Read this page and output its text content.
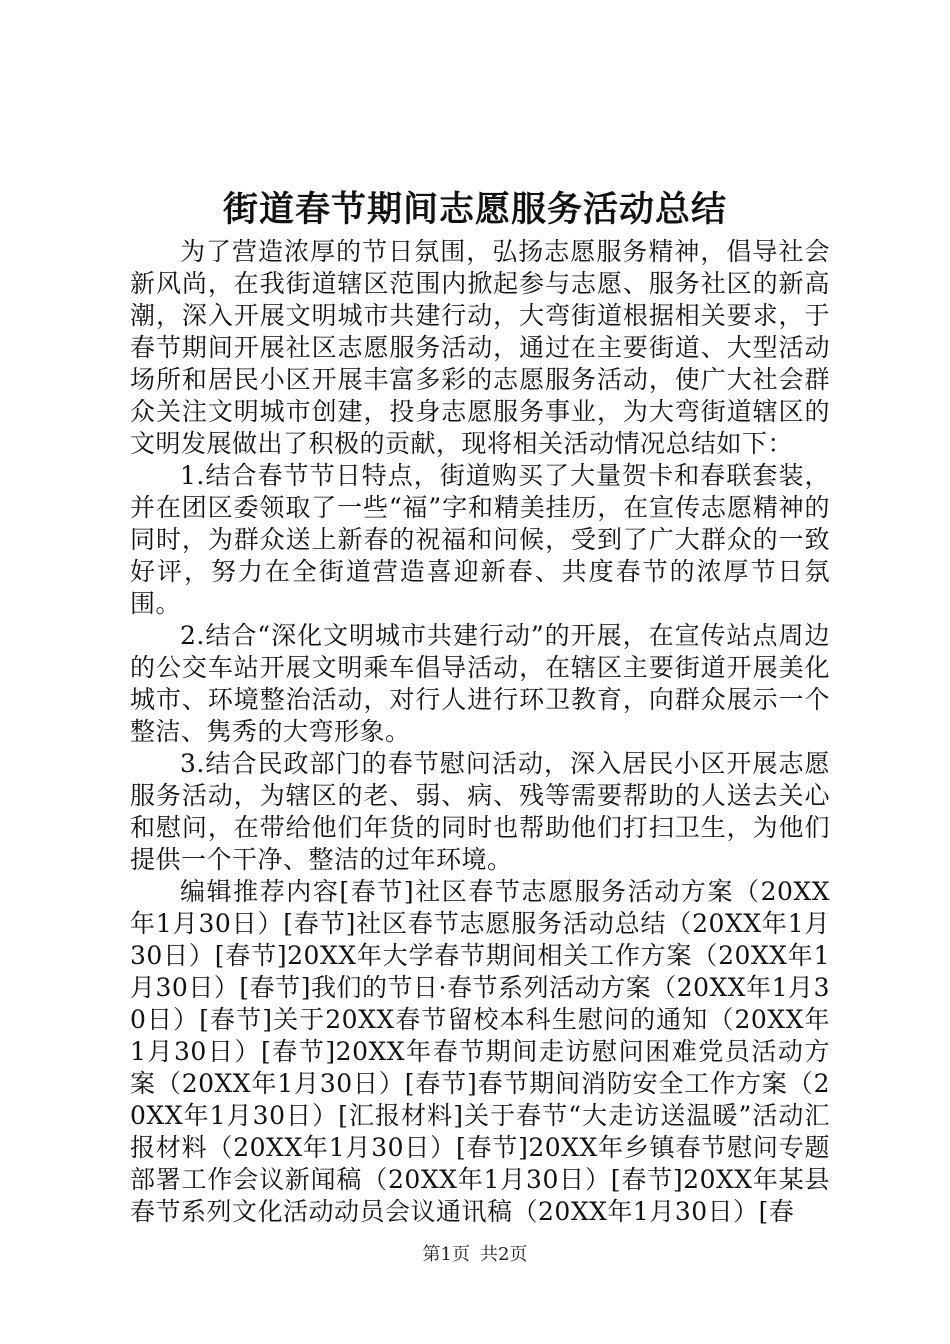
街道春节期间志愿服务活动总结

为了营造浓厚的节日氛围，弘扬志愿服务精神，倡导社会新风尚，在我街道辖区范围内掀起参与志愿、服务社区的新高潮，深入开展文明城市共建行动，大弯街道根据相关要求，于春节期间开展社区志愿服务活动，通过在主要街道、大型活动场所和居民小区开展丰富多彩的志愿服务活动，使广大社会群众关注文明城市创建，投身志愿服务事业，为大弯街道辖区的文明发展做出了积极的贡献，现将相关活动情况总结如下：

1.结合春节节日特点，街道购买了大量贺卡和春联套装，并在团区委领取了一些“福”字和精美挂历，在宣传志愿精神的同时，为群众送上新春的祝福和问候，受到了广大群众的一致好评，努力在全街道营造喜迎新春、共度春节的浓厚节日氛围。

2.结合“深化文明城市共建行动”的开展，在宣传站点周边的公交车站开展文明乘车倡导活动，在辖区主要街道开展美化城市、环境整治活动，对行人进行环卫教育，向群众展示一个整洁、隽秀的大弯形象。

3.结合民政部门的春节慰问活动，深入居民小区开展志愿服务活动，为辖区的老、弱、病、残等需要帮助的人送去关心和慰问，在带给他们年货的同时也帮助他们打扫卫生，为他们提供一个干净、整洁的过年环境。

编辑推荐内容[春节]社区春节志愿服务活动方案（20XX年1月30日）[春节]社区春节志愿服务活动总结（20XX年1月30日）[春节]20XX年大学春节期间相关工作方案（20XX年1月30日）[春节]我们的节日·春节系列活动方案（20XX年1月30日）[春节]关于20XX春节留校本科生慰问的通知（20XX年1月30日）[春节]20XX年春节期间走访慰问困难党员活动方案（20XX年1月30日）[春节]春节期间消防安全工作方案（20XX年1月30日）[汇报材料]关于春节“大走访送温暖”活动汇报材料（20XX年1月30日）[春节]20XX年乡镇春节慰问专题部署工作会议新闻稿（20XX年1月30日）[春节]20XX年某县春节系列文化活动动员会议通讯稿（20XX年1月30日）[春

第1页 共2页
